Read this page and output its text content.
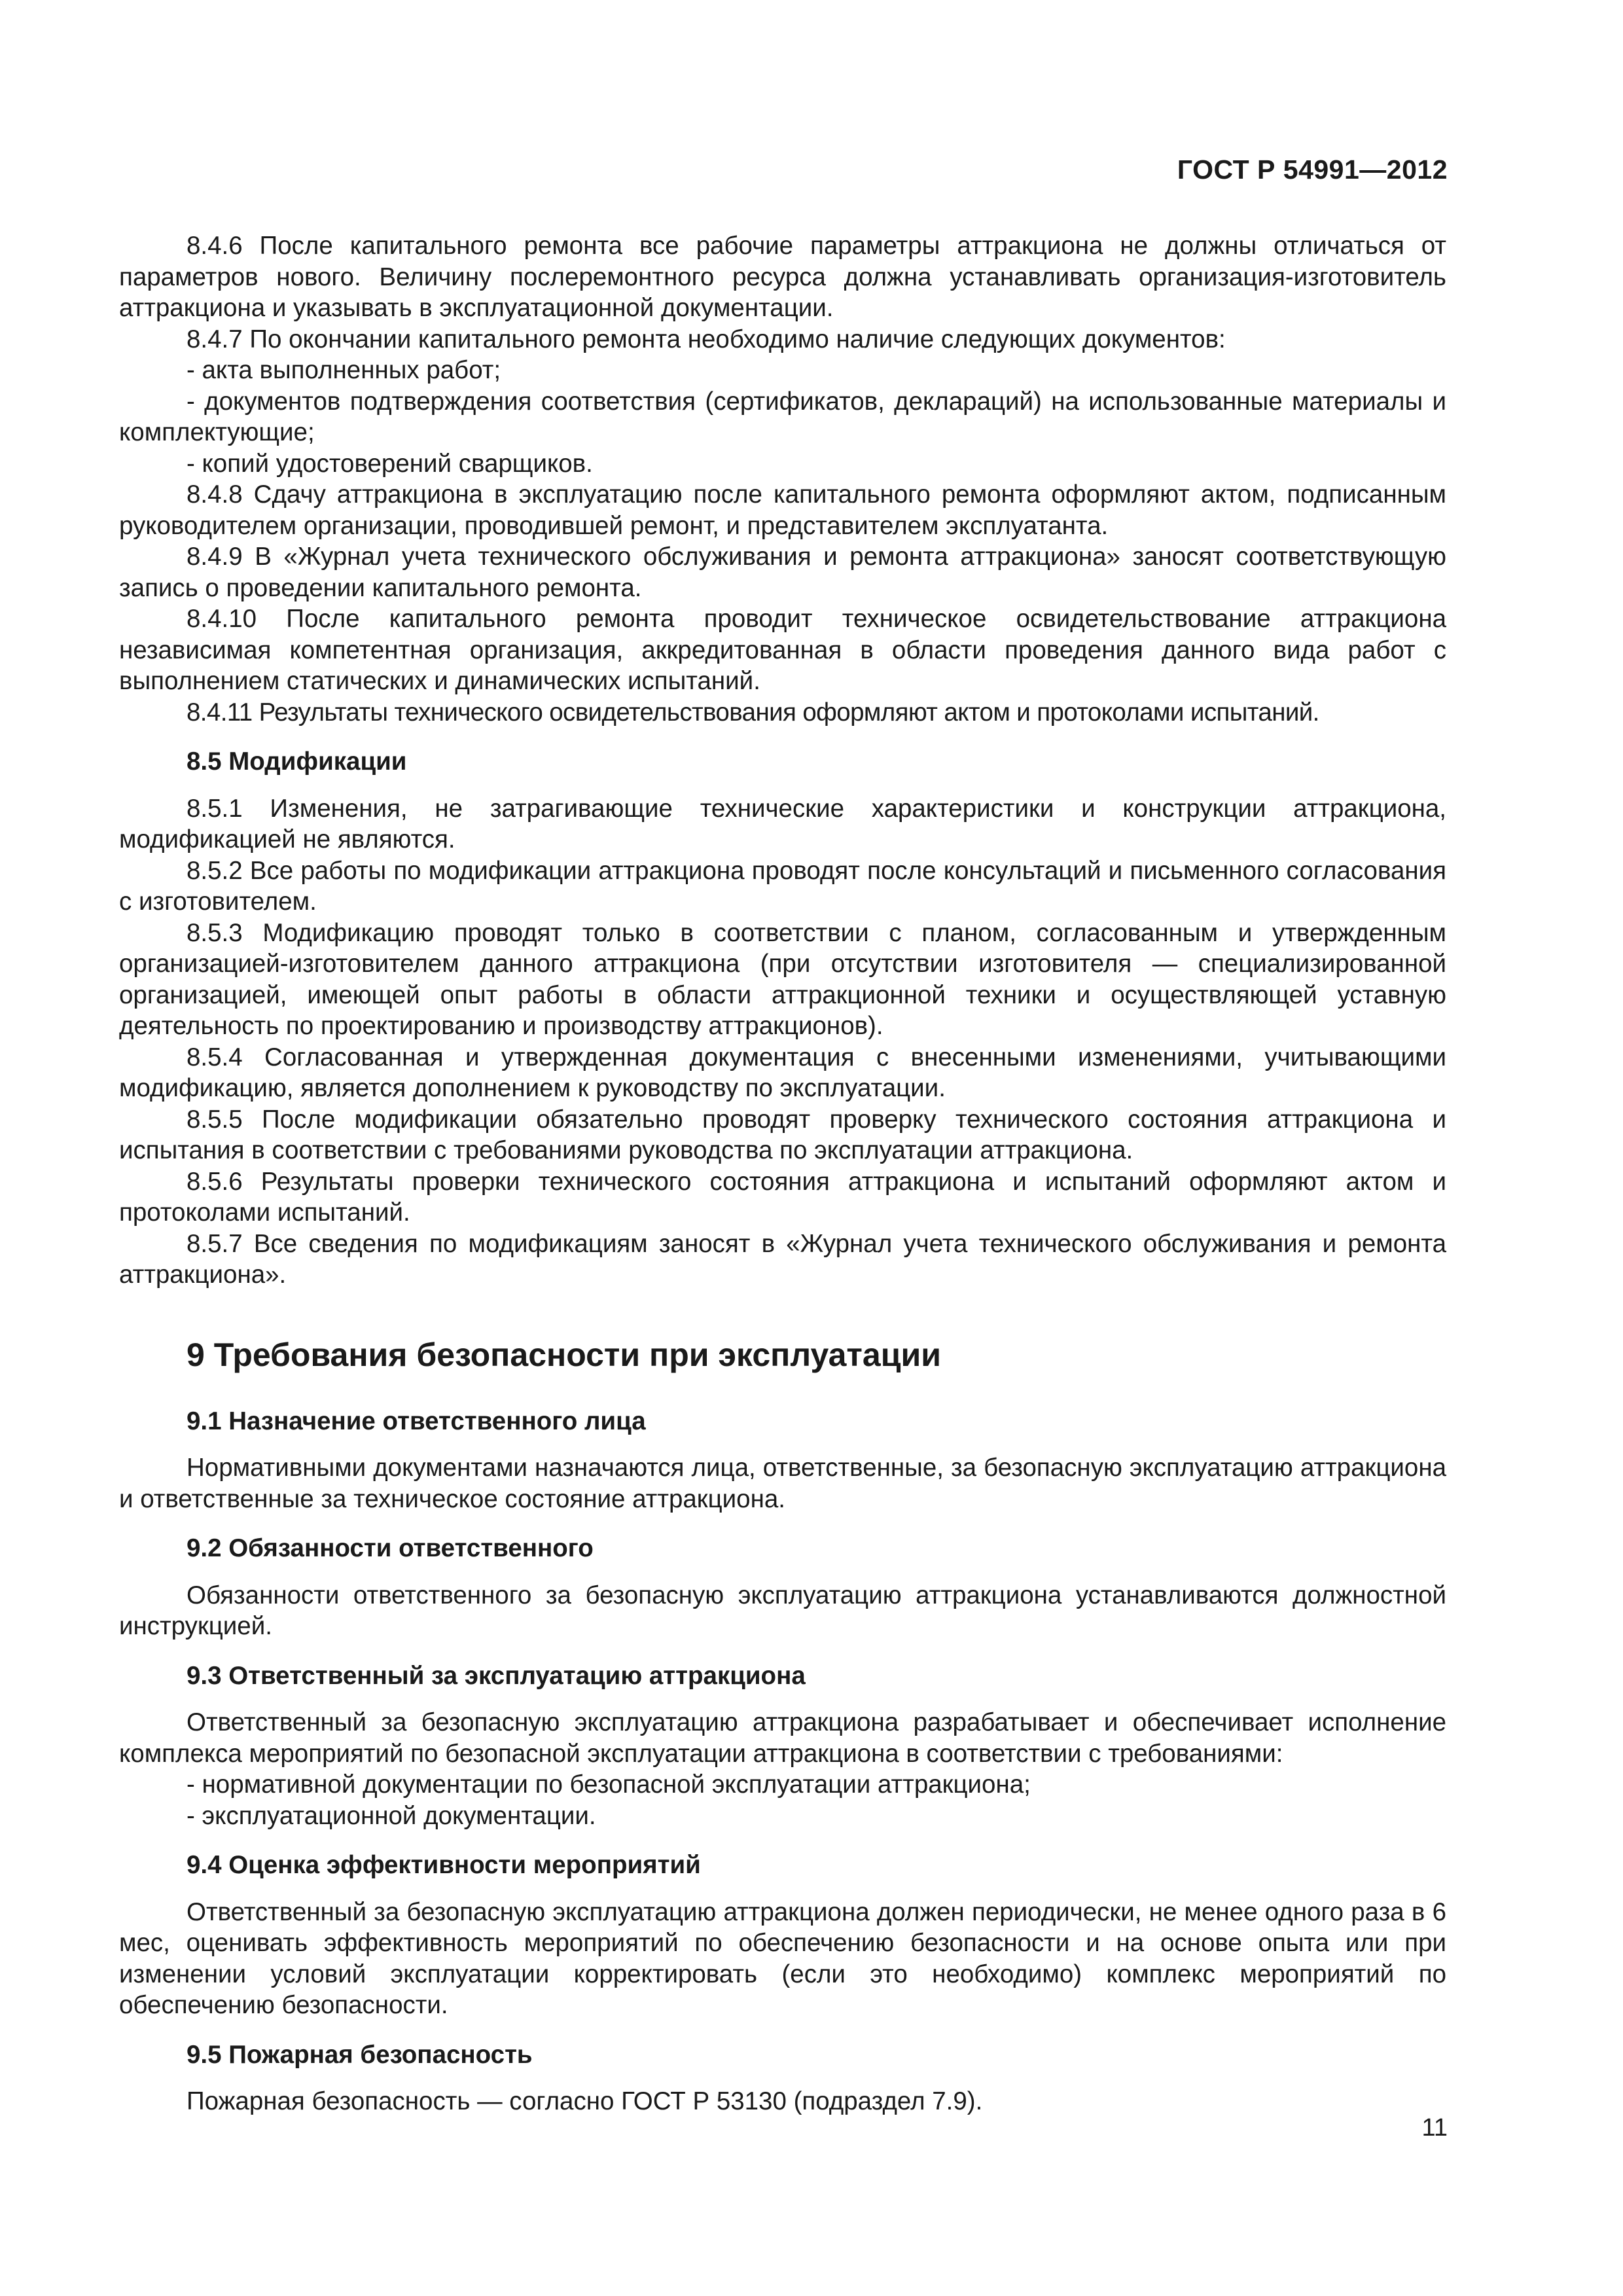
ГОСТ Р 54991—2012

8.4.6 После капитального ремонта все рабочие параметры аттракциона не должны отличаться от параметров нового. Величину послеремонтного ресурса должна устанавливать организация-изготовитель аттракциона и указывать в эксплуатационной документации.

8.4.7 По окончании капитального ремонта необходимо наличие следующих документов:

- акта выполненных работ;

- документов подтверждения соответствия (сертификатов, деклараций) на использованные материалы и комплектующие;

- копий удостоверений сварщиков.

8.4.8 Сдачу аттракциона в эксплуатацию после капитального ремонта оформляют актом, подписанным руководителем организации, проводившей ремонт, и представителем эксплуатанта.

8.4.9 В «Журнал учета технического обслуживания и ремонта аттракциона» заносят соответствующую запись о проведении капитального ремонта.

8.4.10 После капитального ремонта проводит техническое освидетельствование аттракциона независимая компетентная организация, аккредитованная в области проведения данного вида работ с выполнением статических и динамических испытаний.

8.4.11 Результаты технического освидетельствования оформляют актом и протоколами испытаний.

8.5 Модификации

8.5.1 Изменения, не затрагивающие технические характеристики и конструкции аттракциона, модификацией не являются.

8.5.2 Все работы по модификации аттракциона проводят после консультаций и письменного согласования с изготовителем.

8.5.3 Модификацию проводят только в соответствии с планом, согласованным и утвержденным организацией-изготовителем данного аттракциона (при отсутствии изготовителя — специализированной организацией, имеющей опыт работы в области аттракционной техники и осуществляющей уставную деятельность по проектированию и производству аттракционов).

8.5.4 Согласованная и утвержденная документация с внесенными изменениями, учитывающими модификацию, является дополнением к руководству по эксплуатации.

8.5.5 После модификации обязательно проводят проверку технического состояния аттракциона и испытания в соответствии с требованиями руководства по эксплуатации аттракциона.

8.5.6 Результаты проверки технического состояния аттракциона и испытаний оформляют актом и протоколами испытаний.

8.5.7 Все сведения по модификациям заносят в «Журнал учета технического обслуживания и ремонта аттракциона».

9 Требования безопасности при эксплуатации
9.1 Назначение ответственного лица

Нормативными документами назначаются лица, ответственные, за безопасную эксплуатацию аттракциона и ответственные за техническое состояние аттракциона.

9.2 Обязанности ответственного

Обязанности ответственного за безопасную эксплуатацию аттракциона устанавливаются должностной инструкцией.

9.3 Ответственный за эксплуатацию аттракциона

Ответственный за безопасную эксплуатацию аттракциона разрабатывает и обеспечивает исполнение комплекса мероприятий по безопасной эксплуатации аттракциона в соответствии с требованиями:

- нормативной документации по безопасной эксплуатации аттракциона;

- эксплуатационной документации.

9.4 Оценка эффективности мероприятий

Ответственный за безопасную эксплуатацию аттракциона должен периодически, не менее одного раза в 6 мес, оценивать эффективность мероприятий по обеспечению безопасности и на основе опыта или при изменении условий эксплуатации корректировать (если это необходимо) комплекс мероприятий по обеспечению безопасности.

9.5 Пожарная безопасность

Пожарная безопасность — согласно ГОСТ Р 53130 (подраздел 7.9).

11
